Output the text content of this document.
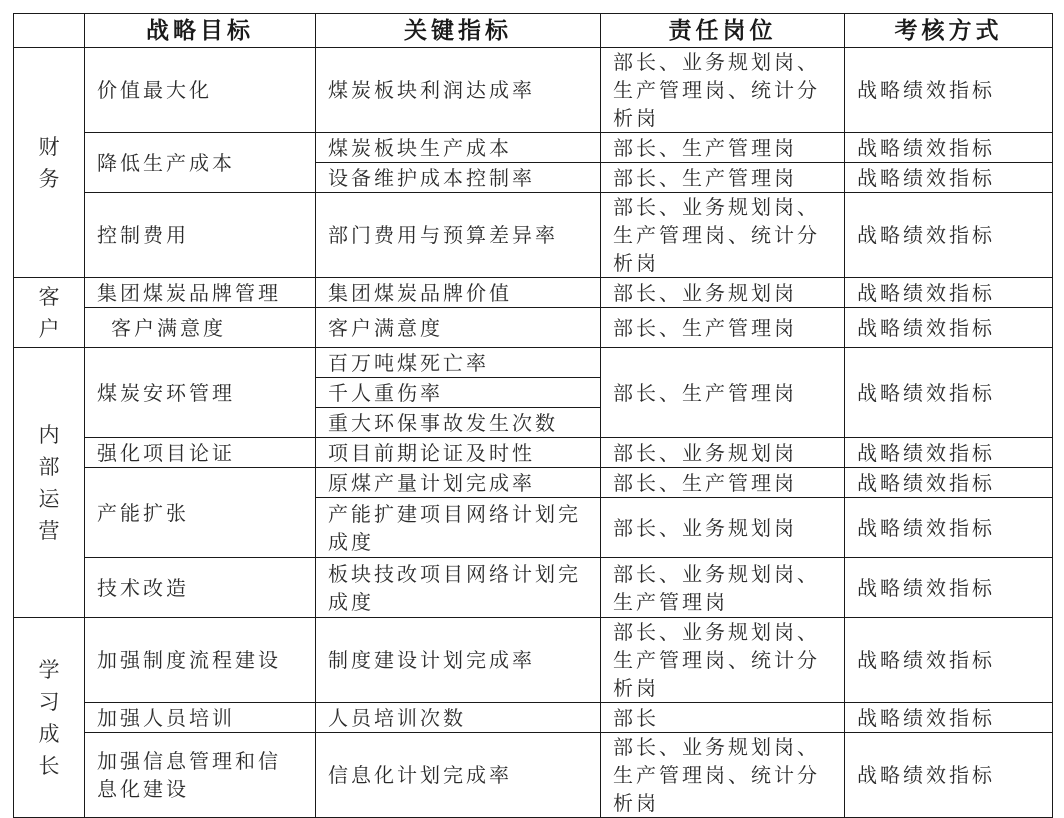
	战略目标	关键指标	责任岗位	考核方式

财务	价值最大化	煤炭板块利润达成率	部长、业务规划岗、生产管理岗、统计分析岗	战略绩效指标
	降低生产成本	煤炭板块生产成本	部长、生产管理岗	战略绩效指标
		设备维护成本控制率	部长、生产管理岗	战略绩效指标
	控制费用	部门费用与预算差异率	部长、业务规划岗、生产管理岗、统计分析岗	战略绩效指标

客户	集团煤炭品牌管理	集团煤炭品牌价值	部长、业务规划岗	战略绩效指标
	客户满意度	客户满意度	部长、生产管理岗	战略绩效指标

内部运营	煤炭安环管理	百万吨煤死亡率	部长、生产管理岗	战略绩效指标
		千人重伤率		
		重大环保事故发生次数		
	强化项目论证	项目前期论证及时性	部长、业务规划岗	战略绩效指标
	产能扩张	原煤产量计划完成率	部长、生产管理岗	战略绩效指标
		产能扩建项目网络计划完成度	部长、业务规划岗	战略绩效指标
	技术改造	板块技改项目网络计划完成度	部长、业务规划岗、生产管理岗	战略绩效指标

学习成长	加强制度流程建设	制度建设计划完成率	部长、业务规划岗、生产管理岗、统计分析岗	战略绩效指标
	加强人员培训	人员培训次数	部长	战略绩效指标
	加强信息管理和信息化建设	信息化计划完成率	部长、业务规划岗、生产管理岗、统计分析岗	战略绩效指标
